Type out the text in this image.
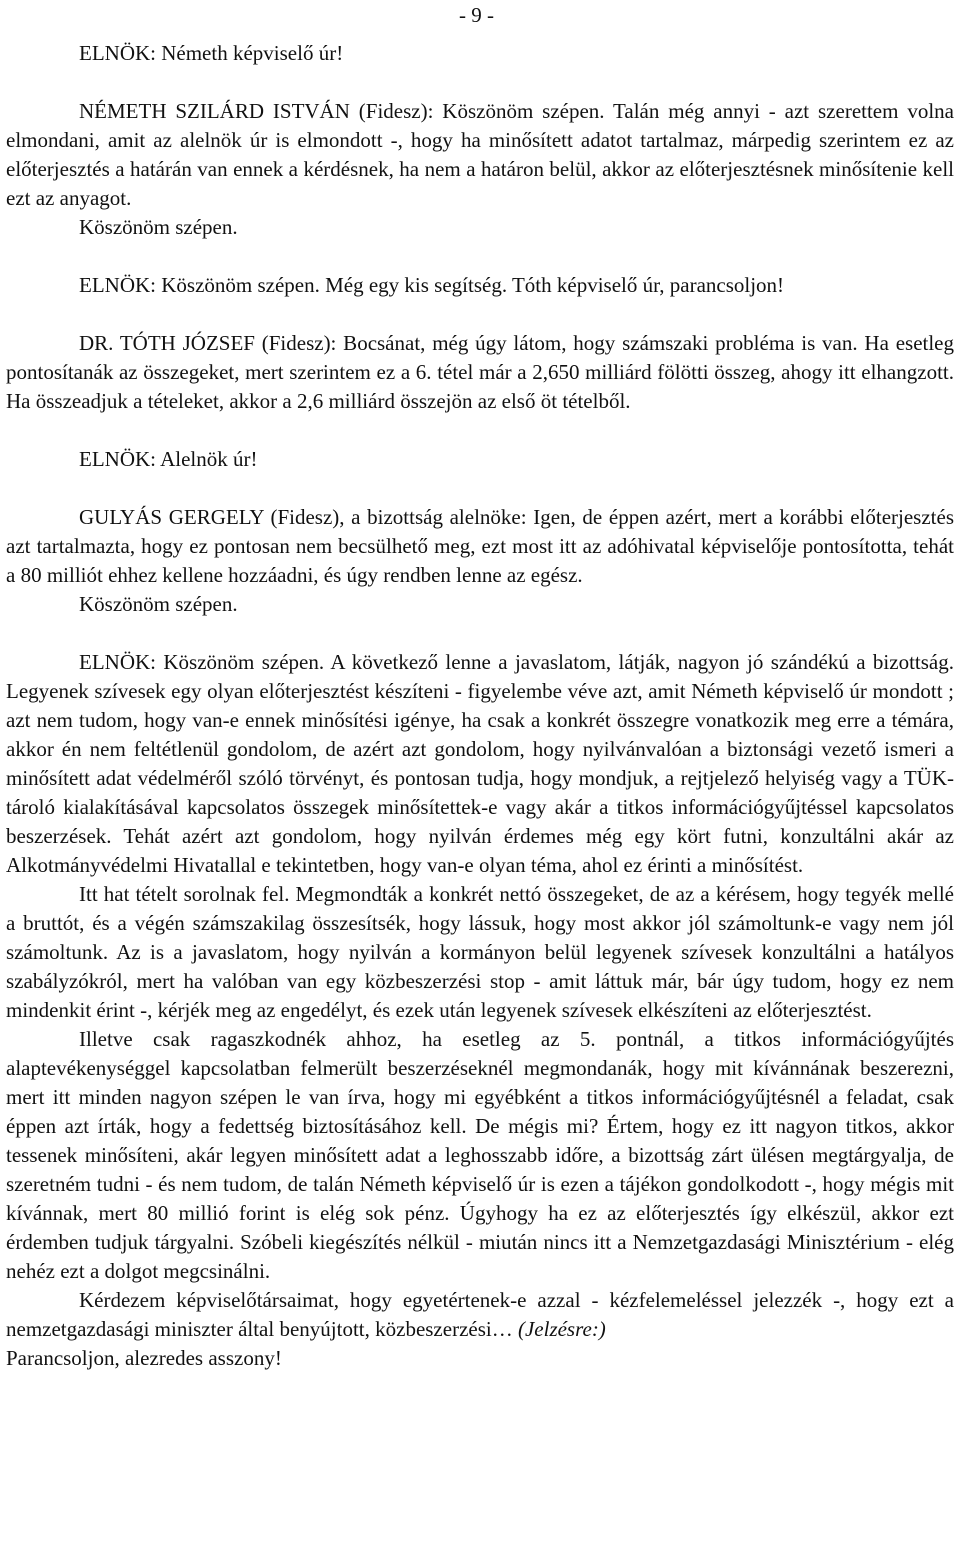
- 9 -

ELNÖK: Németh képviselő úr!

NÉMETH SZILÁRD ISTVÁN (Fidesz): Köszönöm szépen. Talán még annyi - azt szerettem volna elmondani, amit az alelnök úr is elmondott -, hogy ha minősített adatot tartalmaz, márpedig szerintem ez az előterjesztés a határán van ennek a kérdésnek, ha nem a határon belül, akkor az előterjesztésnek minősítenie kell ezt az anyagot.

Köszönöm szépen.

ELNÖK: Köszönöm szépen. Még egy kis segítség. Tóth képviselő úr, parancsoljon!

DR. TÓTH JÓZSEF (Fidesz): Bocsánat, még úgy látom, hogy számszaki probléma is van. Ha esetleg pontosítanák az összegeket, mert szerintem ez a 6. tétel már a 2,650 milliárd fölötti összeg, ahogy itt elhangzott. Ha összeadjuk a tételeket, akkor a 2,6 milliárd összejön az első öt tételből.

ELNÖK: Alelnök úr!

GULYÁS GERGELY (Fidesz), a bizottság alelnöke: Igen, de éppen azért, mert a korábbi előterjesztés azt tartalmazta, hogy ez pontosan nem becsülhető meg, ezt most itt az adóhivatal képviselője pontosította, tehát a 80 milliót ehhez kellene hozzáadni, és úgy rendben lenne az egész.

Köszönöm szépen.

ELNÖK: Köszönöm szépen. A következő lenne a javaslatom, látják, nagyon jó szándékú a bizottság. Legyenek szívesek egy olyan előterjesztést készíteni - figyelembe véve azt, amit Németh képviselő úr mondott ; azt nem tudom, hogy van-e ennek minősítési igénye, ha csak a konkrét összegre vonatkozik meg erre a témára, akkor én nem feltétlenül gondolom, de azért azt gondolom, hogy nyilvánvalóan a biztonsági vezető ismeri a minősített adat védelméről szóló törvényt, és pontosan tudja, hogy mondjuk, a rejtjelező helyiség vagy a TÜK-tároló kialakításával kapcsolatos összegek minősítettek-e vagy akár a titkos információgyűjtéssel kapcsolatos beszerzések. Tehát azért azt gondolom, hogy nyilván érdemes még egy kört futni, konzultálni akár az Alkotmányvédelmi Hivatallal e tekintetben, hogy van-e olyan téma, ahol ez érinti a minősítést.

Itt hat tételt sorolnak fel. Megmondták a konkrét nettó összegeket, de az a kérésem, hogy tegyék mellé a bruttót, és a végén számszakilag összesítsék, hogy lássuk, hogy most akkor jól számoltunk-e vagy nem jól számoltunk. Az is a javaslatom, hogy nyilván a kormányon belül legyenek szívesek konzultálni a hatályos szabályzókról, mert ha valóban van egy közbeszerzési stop - amit láttuk már, bár úgy tudom, hogy ez nem mindenkit érint -, kérjék meg az engedélyt, és ezek után legyenek szívesek elkészíteni az előterjesztést.

Illetve csak ragaszkodnék ahhoz, ha esetleg az 5. pontnál, a titkos információgyűjtés alaptevékenységgel kapcsolatban felmerült beszerzéseknél megmondanák, hogy mit kívánnának beszerezni, mert itt minden nagyon szépen le van írva, hogy mi egyébként a titkos információgyűjtésnél a feladat, csak éppen azt írták, hogy a fedettség biztosításához kell. De mégis mi? Értem, hogy ez itt nagyon titkos, akkor tessenek minősíteni, akár legyen minősített adat a leghosszabb időre, a bizottság zárt ülésen megtárgyalja, de szeretném tudni - és nem tudom, de talán Németh képviselő úr is ezen a tájékon gondolkodott -, hogy mégis mit kívánnak, mert 80 millió forint is elég sok pénz. Úgyhogy ha ez az előterjesztés így elkészül, akkor ezt érdemben tudjuk tárgyalni. Szóbeli kiegészítés nélkül - miután nincs itt a Nemzetgazdasági Minisztérium - elég nehéz ezt a dolgot megcsinálni.

Kérdezem képviselőtársaimat, hogy egyetértenek-e azzal - kézfelemeléssel jelezzék -, hogy ezt a nemzetgazdasági miniszter által benyújtott, közbeszerzési… (Jelzésre:)

Parancsoljon, alezredes asszony!
